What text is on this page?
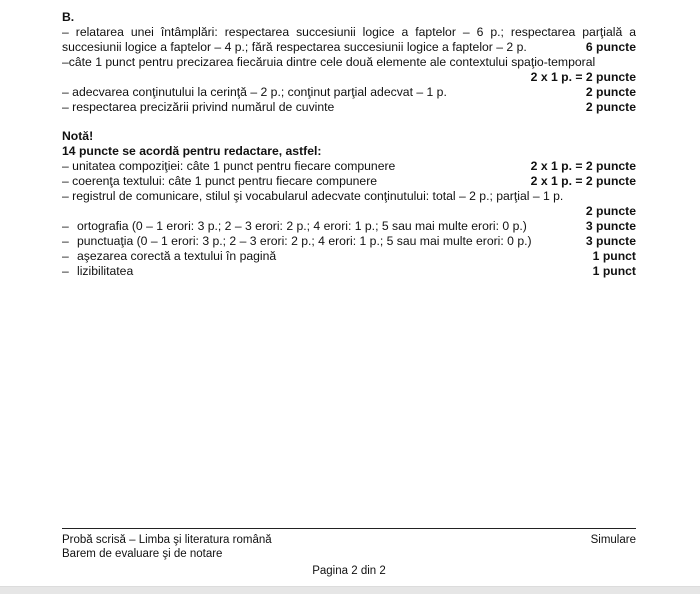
B.
– relatarea unei întâmplări: respectarea succesiunii logice a faptelor – 6 p.; respectarea parţială a
succesiunii logice a faptelor – 4 p.; fără respectarea succesiunii logice a faptelor – 2 p.	6 puncte
–câte 1 punct pentru precizarea fiecăruia dintre cele două elemente ale contextului spaţio-temporal
2 x 1 p. = 2 puncte
– adecvarea conţinutului la cerinţă – 2 p.; conţinut parţial adecvat – 1 p.	2 puncte
– respectarea precizării privind numărul de cuvinte	2 puncte
Notă!
14 puncte se acordă pentru redactare, astfel:
– unitatea compoziţiei: câte 1 punct pentru fiecare compunere	2 x 1 p. = 2 puncte
– coerenţa textului: câte 1 punct pentru fiecare compunere	2 x 1 p. = 2 puncte
– registrul de comunicare, stilul şi vocabularul adecvate conţinutului: total – 2 p.; parţial – 1 p.
2 puncte
– ortografia (0 – 1 erori: 3 p.; 2 – 3 erori: 2 p.; 4 erori: 1 p.; 5 sau mai multe erori: 0 p.)	3 puncte
– punctuaţia (0 – 1 erori: 3 p.; 2 – 3 erori: 2 p.; 4 erori: 1 p.; 5 sau mai multe erori: 0 p.)	3 puncte
– aşezarea corectă a textului în pagină	1 punct
– lizibilitatea	1 punct
Probă scrisă – Limba şi literatura română	Simulare
Barem de evaluare şi de notare
Pagina 2 din 2
